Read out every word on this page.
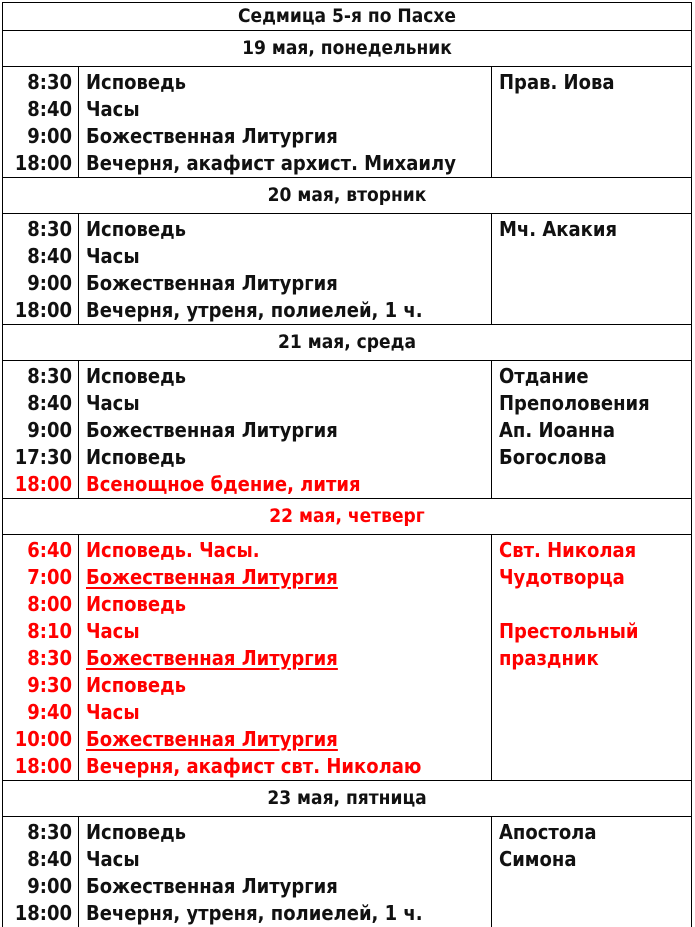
Седмица 5-я по Пасхе
19 мая, понедельник
8:30
8:40
9:00
18:00
Исповедь
Часы
Божественная Литургия
Вечерня, акафист архист. Михаилу
Прав. Иова
20 мая, вторник
8:30
8:40
9:00
18:00
Исповедь
Часы
Божественная Литургия
Вечерня, утреня, полиелей, 1 ч.
Мч. Акакия
21 мая, среда
8:30
8:40
9:00
17:30
18:00
Исповедь
Часы
Божественная Литургия
Исповедь
Всенощное бдение, лития
Отдание
Преполовения
Ап. Иоанна
Богослова
22 мая, четверг
6:40
7:00
8:00
8:10
8:30
9:30
9:40
10:00
18:00
Исповедь. Часы.
Божественная Литургия
Исповедь
Часы
Божественная Литургия
Исповедь
Часы
Божественная Литургия
Вечерня, акафист свт. Николаю
Свт. Николая
Чудотворца
Престольный
праздник
23 мая, пятница
8:30
8:40
9:00
18:00
Исповедь
Часы
Божественная Литургия
Вечерня, утреня, полиелей, 1 ч.
Апостола
Симона
